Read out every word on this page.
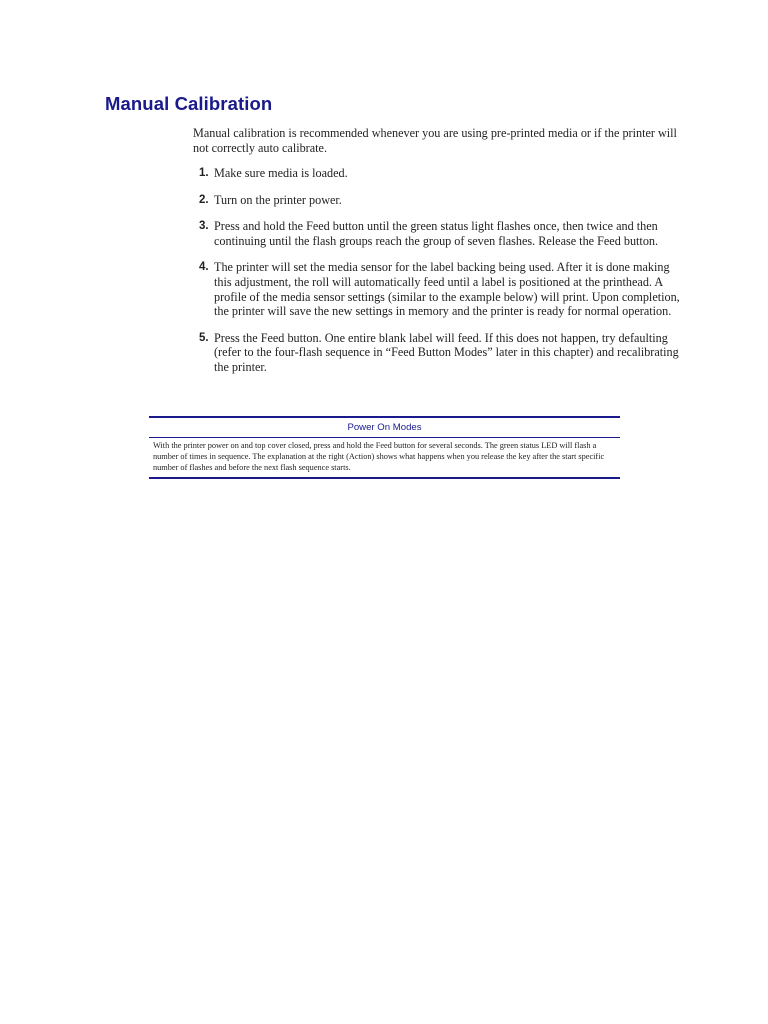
Manual Calibration

Manual calibration is recommended whenever you are using pre-printed media or if the printer will not correctly auto calibrate.

1. Make sure media is loaded.
2. Turn on the printer power.
3. Press and hold the Feed button until the green status light flashes once, then twice and then continuing until the flash groups reach the group of seven flashes. Release the Feed button.
4. The printer will set the media sensor for the label backing being used. After it is done making this adjustment, the roll will automatically feed until a label is positioned at the printhead. A profile of the media sensor settings (similar to the example below) will print. Upon completion, the printer will save the new settings in memory and the printer is ready for normal operation.
5. Press the Feed button. One entire blank label will feed. If this does not happen, try defaulting (refer to the four-flash sequence in “Feed Button Modes” later in this chapter) and recalibrating the printer.

Power On Modes

With the printer power on and top cover closed, press and hold the Feed button for several seconds. The green status LED will flash a number of times in sequence. The explanation at the right (Action) shows what happens when you release the key after the start specific number of flashes and before the next flash sequence starts.
